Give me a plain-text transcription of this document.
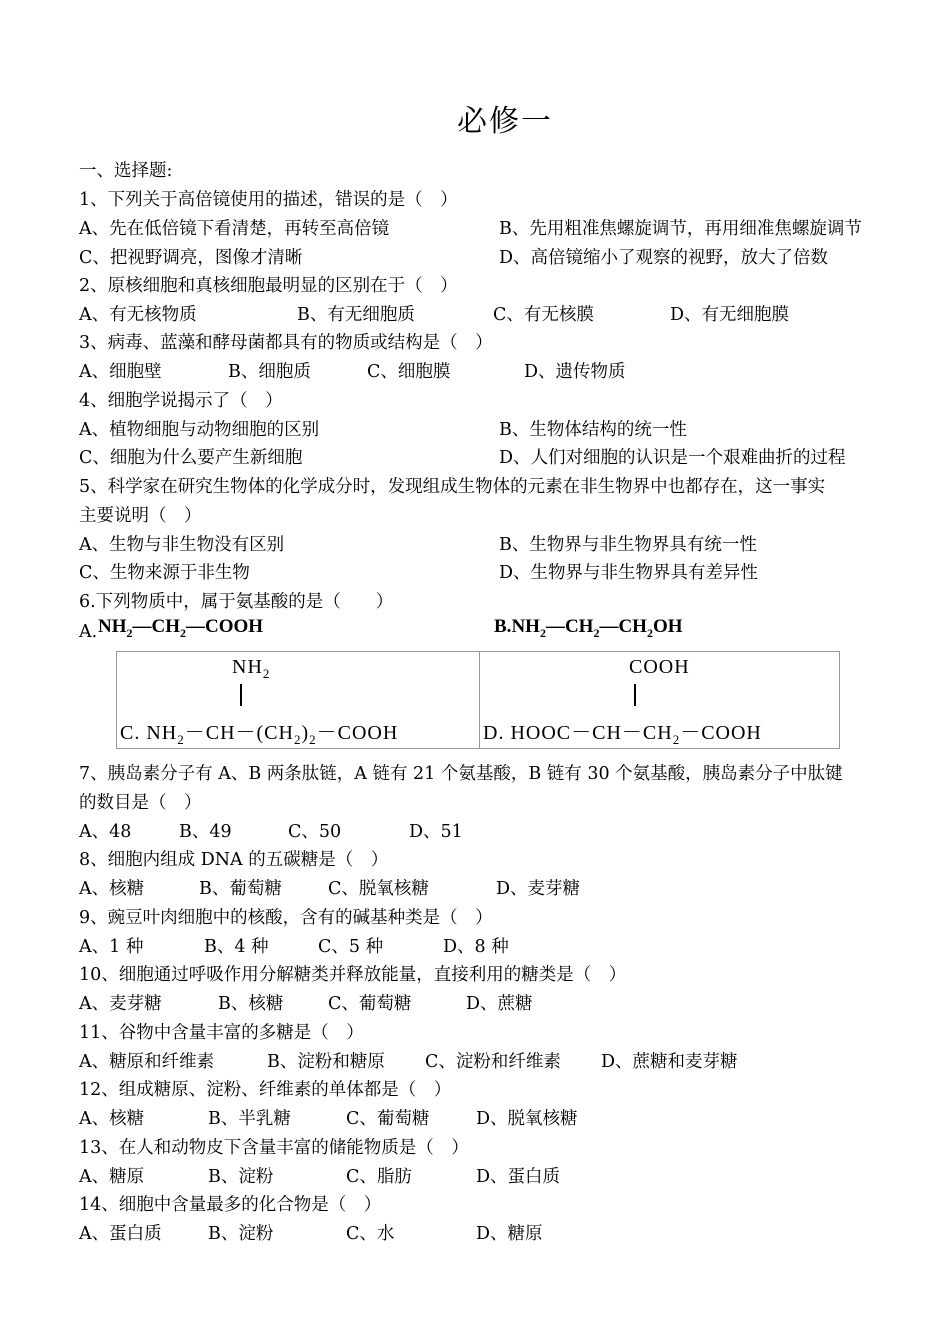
必修一
一、选择题:
1、下列关于高倍镜使用的描述，错误的是（　）
A、先在低倍镜下看清楚，再转至高倍镜	B、先用粗准焦螺旋调节，再用细准焦螺旋调节
C、把视野调亮，图像才清晰	D、高倍镜缩小了观察的视野，放大了倍数
2、原核细胞和真核细胞最明显的区别在于（　）
A、有无核物质	B、有无细胞质	C、有无核膜	D、有无细胞膜
3、病毒、蓝藻和酵母菌都具有的物质或结构是（　）
A、细胞壁	B、细胞质	C、细胞膜	D、遗传物质
4、细胞学说揭示了（　）
A、植物细胞与动物细胞的区别	B、生物体结构的统一性
C、细胞为什么要产生新细胞	D、人们对细胞的认识是一个艰难曲折的过程
5、科学家在研究生物体的化学成分时，发现组成生物体的元素在非生物界中也都存在，这一事实
主要说明（　）
A、生物与非生物没有区别	B、生物界与非生物界具有统一性
C、生物来源于非生物	D、生物界与非生物界具有差异性
6.下列物质中，属于氨基酸的是（　　）
A. $NH_2—CH_2—COOH$	$B.NH_2—CH_2—CH_2OH$
$NH_2$
C. $NH_2-CH-(CH_2)_2-COOH$
COOH
D. $HOOC-CH-CH_2-COOH$
7、胰岛素分子有 A、B 两条肽链，A 链有 21 个氨基酸，B 链有 30 个氨基酸，胰岛素分子中肽键
的数目是（　）
A、48	B、49	C、50	D、51
8、细胞内组成 DNA 的五碳糖是（　）
A、核糖	B、葡萄糖	C、脱氧核糖	D、麦芽糖
9、豌豆叶肉细胞中的核酸，含有的碱基种类是（　）
A、1 种	B、4 种	C、5 种	D、8 种
10、细胞通过呼吸作用分解糖类并释放能量，直接利用的糖类是（　）
A、麦芽糖	B、核糖	C、葡萄糖	D、蔗糖
11、谷物中含量丰富的多糖是（　）
A、糖原和纤维素	B、淀粉和糖原 C、淀粉和纤维素 D、蔗糖和麦芽糖
12、组成糖原、淀粉、纤维素的单体都是（　）
A、核糖	B、半乳糖	C、葡萄糖	D、脱氧核糖
13、在人和动物皮下含量丰富的储能物质是（　）
A、糖原	B、淀粉	C、脂肪	D、蛋白质
14、细胞中含量最多的化合物是（　）
A、蛋白质	B、淀粉	C、水	D、糖原
